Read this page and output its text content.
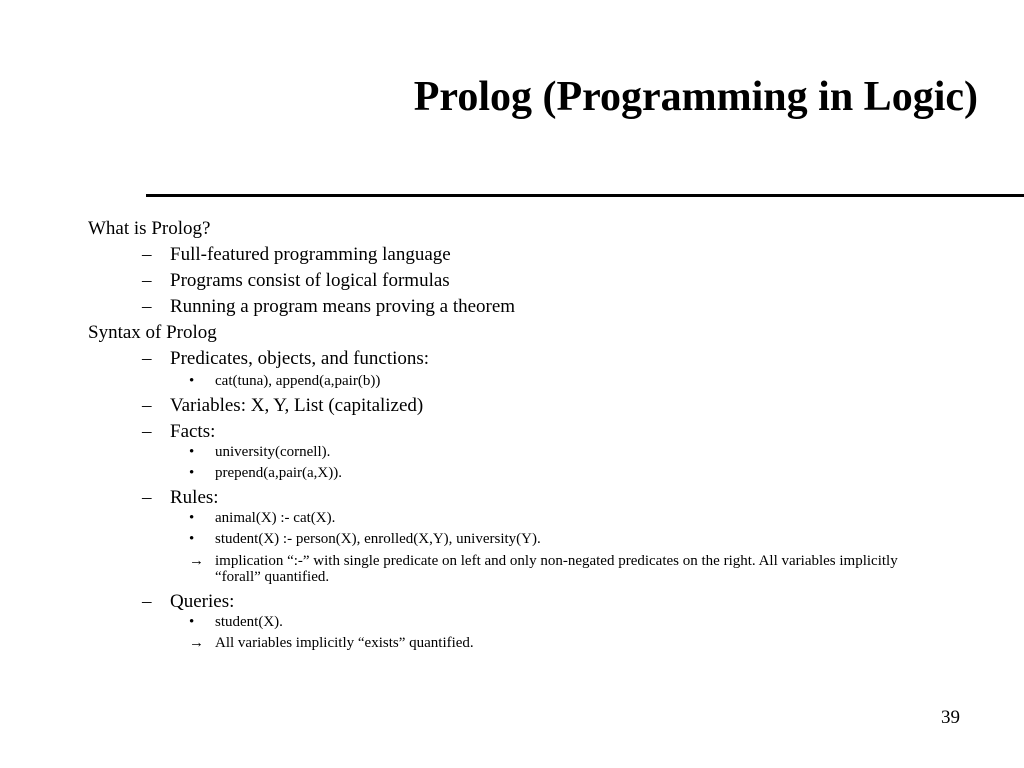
Prolog (Programming in Logic)
What is Prolog?
– Full-featured programming language
– Programs consist of logical formulas
– Running a program means proving a theorem
Syntax of Prolog
– Predicates, objects, and functions:
• cat(tuna), append(a,pair(b))
– Variables: X, Y, List (capitalized)
– Facts:
• university(cornell).
• prepend(a,pair(a,X)).
– Rules:
• animal(X) :- cat(X).
• student(X) :- person(X), enrolled(X,Y), university(Y).
→ implication “:-” with single predicate on left and only non-negated predicates on the right. All variables implicitly “forall” quantified.
– Queries:
• student(X).
→ All variables implicitly “exists” quantified.
39
